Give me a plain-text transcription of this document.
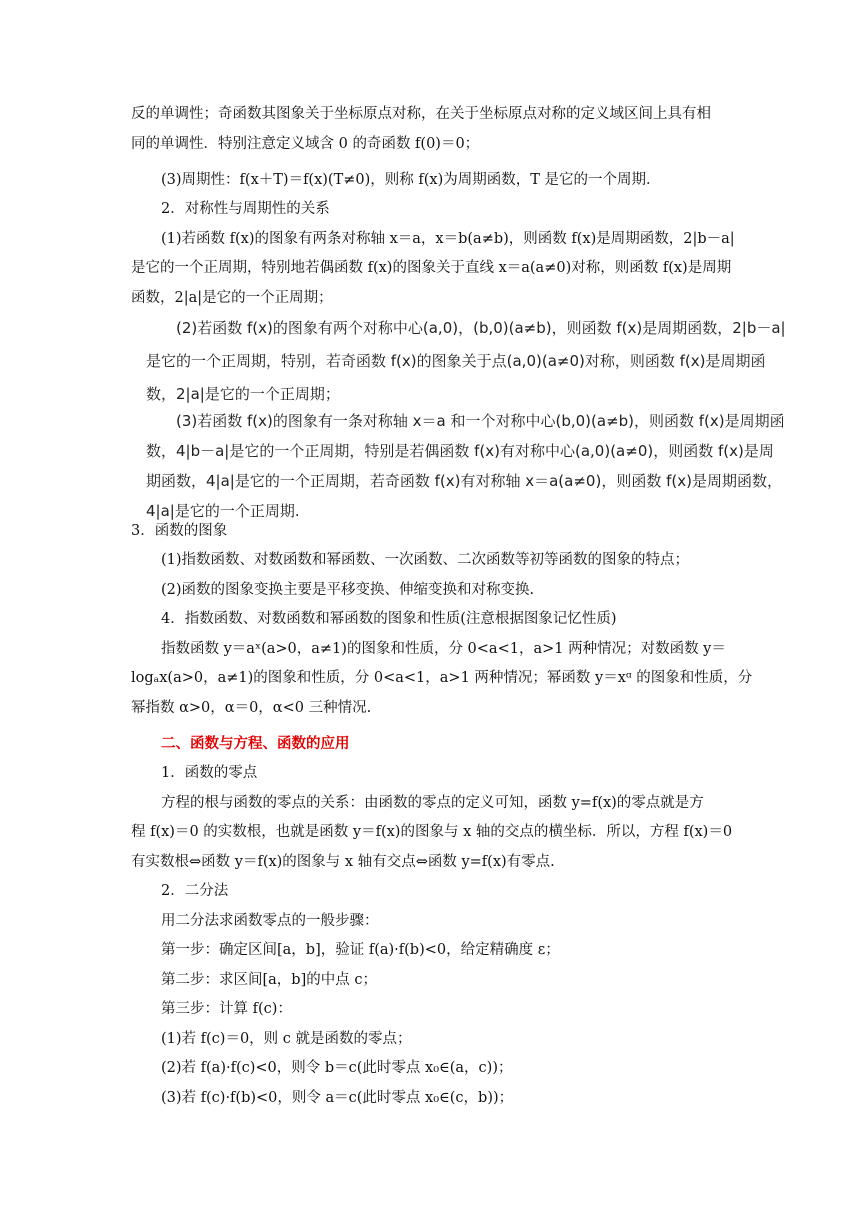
反的单调性；奇函数其图象关于坐标原点对称，在关于坐标原点对称的定义域区间上具有相
同的单调性．特别注意定义域含 0 的奇函数 f(0)＝0；
(3)周期性：f(x＋T)＝f(x)(T≠0)，则称 f(x)为周期函数，T 是它的一个周期．
2．对称性与周期性的关系
(1)若函数 f(x)的图象有两条对称轴 x＝a，x＝b(a≠b)，则函数 f(x)是周期函数，2|b－a|
是它的一个正周期，特别地若偶函数 f(x)的图象关于直线 x＝a(a≠0)对称，则函数 f(x)是周期
函数，2|a|是它的一个正周期；
(2)若函数 f(x)的图象有两个对称中心(a,0)，(b,0)(a≠b)，则函数 f(x)是周期函数，2|b－a|
是它的一个正周期，特别，若奇函数 f(x)的图象关于点(a,0)(a≠0)对称，则函数 f(x)是周期函
数，2|a|是它的一个正周期；
(3)若函数 f(x)的图象有一条对称轴 x＝a 和一个对称中心(b,0)(a≠b)，则函数 f(x)是周期函
数，4|b－a|是它的一个正周期，特别是若偶函数 f(x)有对称中心(a,0)(a≠0)，则函数 f(x)是周
期函数，4|a|是它的一个正周期，若奇函数 f(x)有对称轴 x＝a(a≠0)，则函数 f(x)是周期函数，
4|a|是它的一个正周期.
3．函数的图象
(1)指数函数、对数函数和幂函数、一次函数、二次函数等初等函数的图象的特点；
(2)函数的图象变换主要是平移变换、伸缩变换和对称变换.
4．指数函数、对数函数和幂函数的图象和性质(注意根据图象记忆性质)
指数函数 y＝aˣ(a>0，a≠1)的图象和性质，分 0<a<1，a>1 两种情况；对数函数 y＝
logₐx(a>0，a≠1)的图象和性质，分 0<a<1，a>1 两种情况；幂函数 y＝xᵅ 的图象和性质，分
幂指数 α>0，α＝0，α<0 三种情况.
二、函数与方程、函数的应用
1．函数的零点
方程的根与函数的零点的关系：由函数的零点的定义可知，函数 y=f(x)的零点就是方
程 f(x)＝0 的实数根，也就是函数 y＝f(x)的图象与 x 轴的交点的横坐标．所以，方程 f(x)＝0
有实数根⇔函数 y＝f(x)的图象与 x 轴有交点⇔函数 y=f(x)有零点.
2．二分法
用二分法求函数零点的一般步骤：
第一步：确定区间[a，b]，验证 f(a)·f(b)<0，给定精确度 ε；
第二步：求区间[a，b]的中点 c；
第三步：计算 f(c)：
(1)若 f(c)＝0，则 c 就是函数的零点；
(2)若 f(a)·f(c)<0，则令 b＝c(此时零点 x₀∈(a，c))；
(3)若 f(c)·f(b)<0，则令 a＝c(此时零点 x₀∈(c，b))；
